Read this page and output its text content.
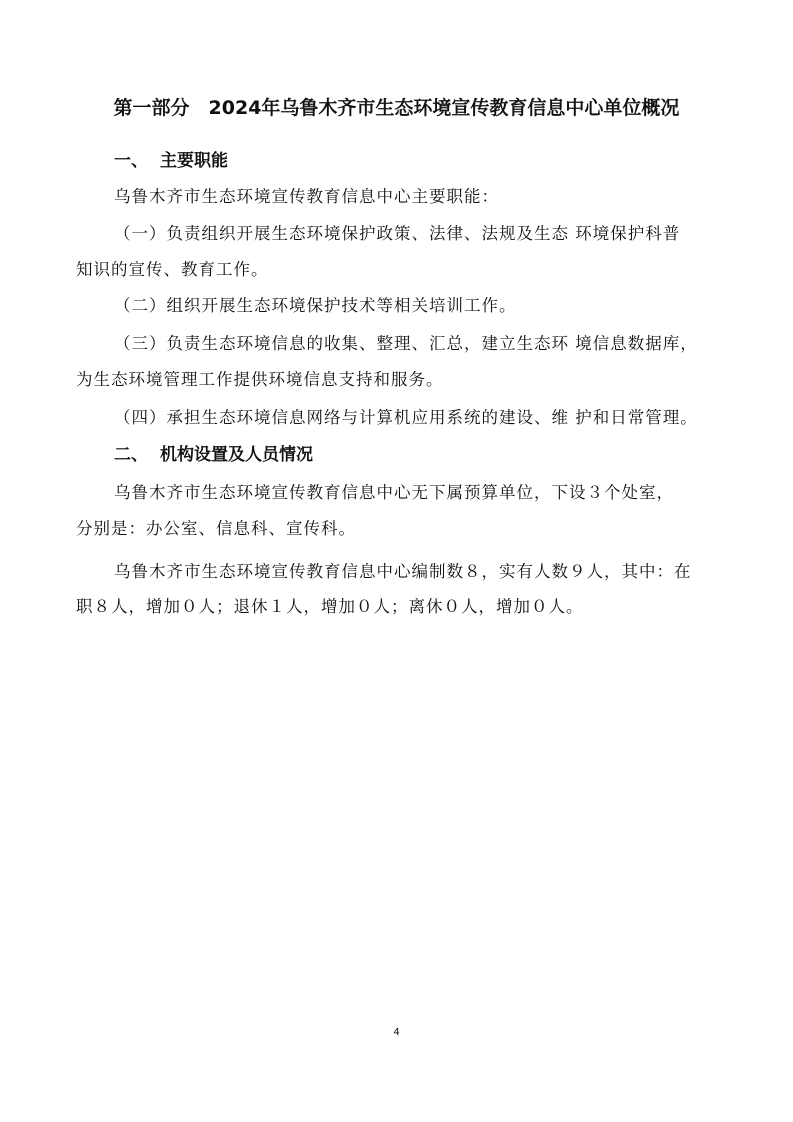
第一部分　2024年乌鲁木齐市生态环境宣传教育信息中心单位概况
一、 主要职能
乌鲁木齐市生态环境宣传教育信息中心主要职能：
（一）负责组织开展生态环境保护政策、法律、法规及生态 环境保护科普
知识的宣传、教育工作。
（二）组织开展生态环境保护技术等相关培训工作。
（三）负责生态环境信息的收集、整理、汇总，建立生态环 境信息数据库，
为生态环境管理工作提供环境信息支持和服务。
（四）承担生态环境信息网络与计算机应用系统的建设、维 护和日常管理。
二、 机构设置及人员情况
乌鲁木齐市生态环境宣传教育信息中心无下属预算单位，下设３个处室，
分别是：办公室、信息科、宣传科。
乌鲁木齐市生态环境宣传教育信息中心编制数８，实有人数９人，其中：在
职８人，增加０人；退休１人，增加０人；离休０人，增加０人。
4
